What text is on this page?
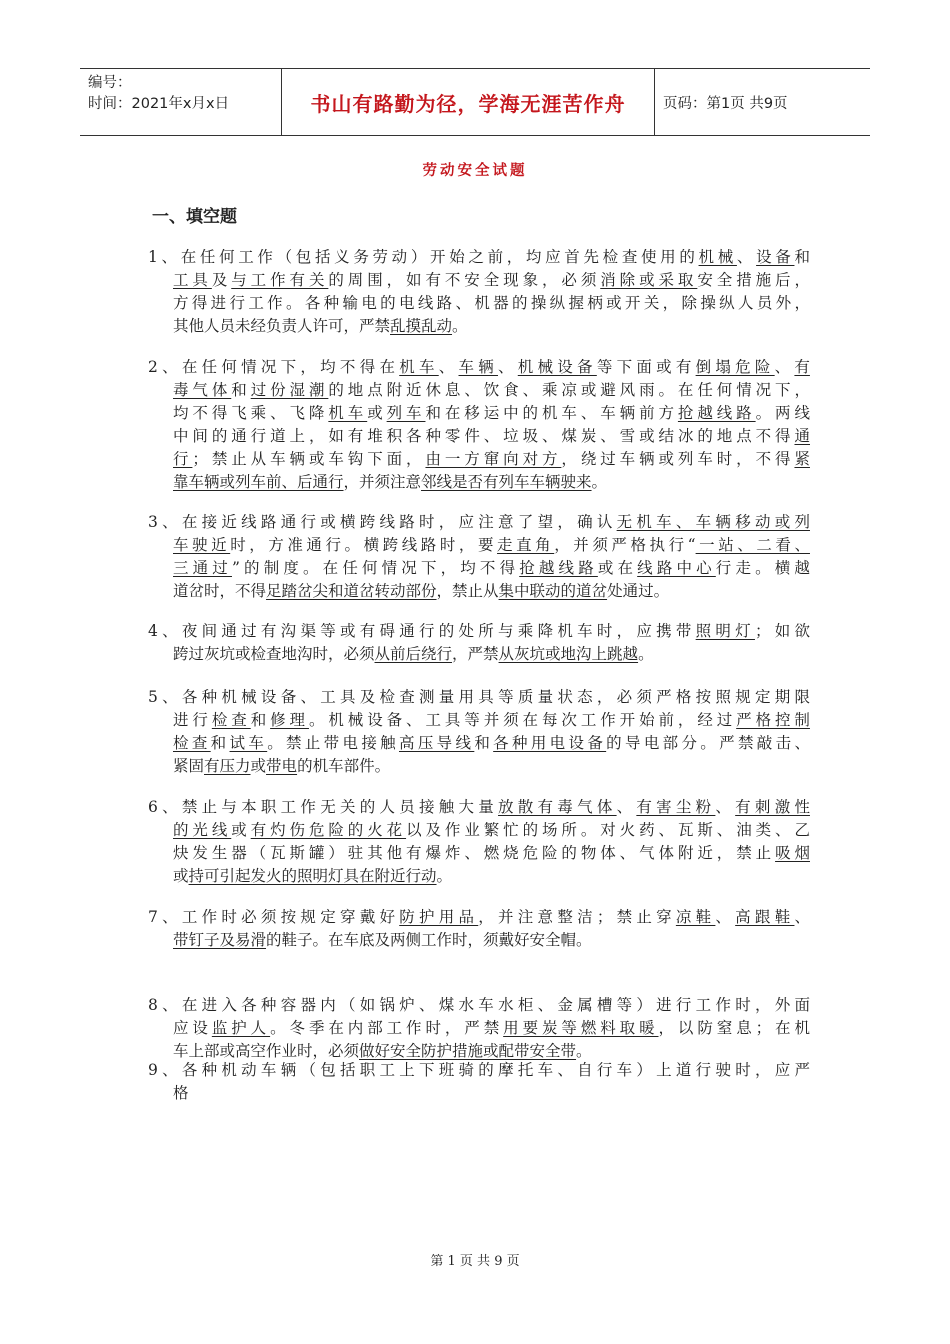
编号：
时间：2021年x月x日	书山有路勤为径，学海无涯苦作舟	页码：第1页 共9页
劳动安全试题
一、填空题
1、在任何工作（包括义务劳动）开始之前，均应首先检查使用的机械、设备和
工具及与工作有关的周围，如有不安全现象，必须消除或采取安全措施后，
方得进行工作。各种输电的电线路、机器的操纵握柄或开关，除操纵人员外，
其他人员未经负责人许可，严禁乱摸乱动。
2、在任何情况下，均不得在机车、车辆、机械设备等下面或有倒塌危险、有
毒气体和过份湿潮的地点附近休息、饮食、乘凉或避风雨。在任何情况下，
均不得飞乘、飞降机车或列车和在移运中的机车、车辆前方抢越线路。两线
中间的通行道上，如有堆积各种零件、垃圾、煤炭、雪或结冰的地点不得通
行；禁止从车辆或车钩下面，由一方窜向对方，绕过车辆或列车时，不得紧
靠车辆或列车前、后通行，并须注意邻线是否有列车车辆驶来。
3、在接近线路通行或横跨线路时，应注意了望，确认无机车、车辆移动或列
车驶近时，方准通行。横跨线路时，要走直角，并须严格执行“一站、二看、
三通过”的制度。在任何情况下，均不得抢越线路或在线路中心行走。横越
道岔时，不得足踏岔尖和道岔转动部份，禁止从集中联动的道岔处通过。
4、夜间通过有沟渠等或有碍通行的处所与乘降机车时，应携带照明灯；如欲
跨过灰坑或检查地沟时，必须从前后绕行，严禁从灰坑或地沟上跳越。
5、各种机械设备、工具及检查测量用具等质量状态，必须严格按照规定期限
进行检查和修理。机械设备、工具等并须在每次工作开始前，经过严格控制
检查和试车。禁止带电接触高压导线和各种用电设备的导电部分。严禁敲击、
紧固有压力或带电的机车部件。
6、禁止与本职工作无关的人员接触大量放散有毒气体、有害尘粉、有刺激性
的光线或有灼伤危险的火花以及作业繁忙的场所。对火药、瓦斯、油类、乙
炔发生器（瓦斯罐）驻其他有爆炸、燃烧危险的物体、气体附近，禁止吸烟
或持可引起发火的照明灯具在附近行动。
7、工作时必须按规定穿戴好防护用品，并注意整洁；禁止穿凉鞋、高跟鞋、
带钉子及易滑的鞋子。在车底及两侧工作时，须戴好安全帽。
8、在进入各种容器内（如锅炉、煤水车水柜、金属槽等）进行工作时，外面
应设监护人。冬季在内部工作时，严禁用要炭等燃料取暖，以防窒息；在机
车上部或高空作业时，必须做好安全防护措施或配带安全带。
9、各种机动车辆（包括职工上下班骑的摩托车、自行车）上道行驶时，应严
格
第 1 页 共 9 页
